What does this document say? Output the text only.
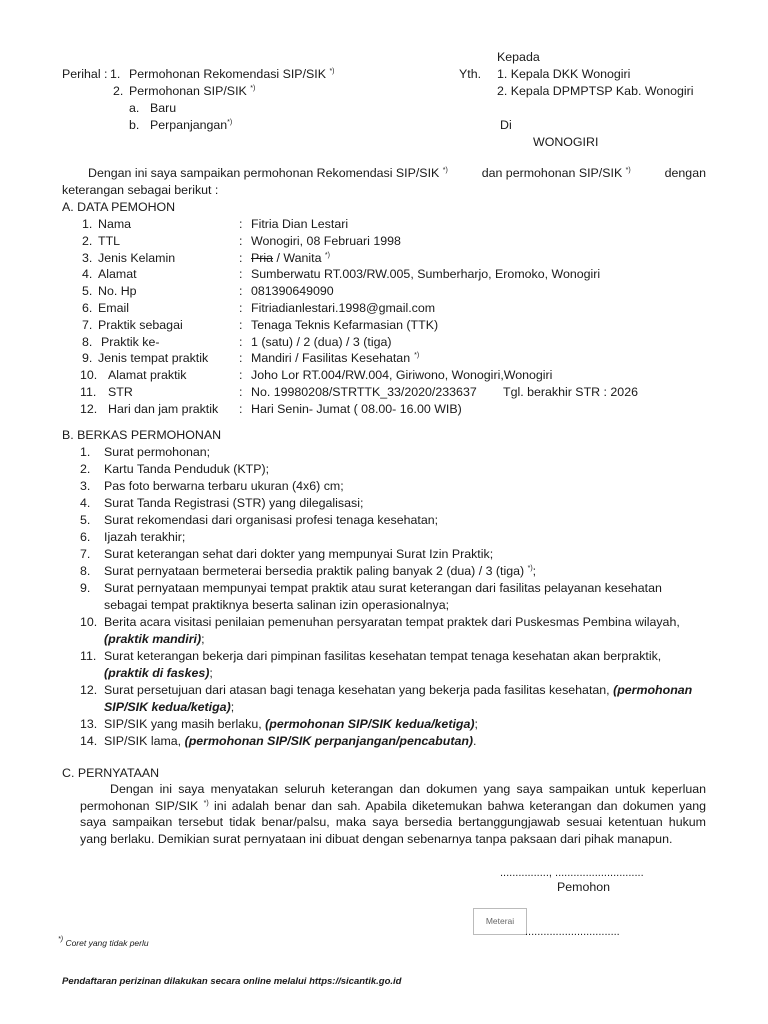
Perihal : 1. Permohonan Rekomendasi SIP/SIK *)
2. Permohonan SIP/SIK *)
a. Baru
b. Perpanjangan*)
Kepada
Yth. 1. Kepala DKK Wonogiri
2. Kepala DPMPTSP Kab. Wonogiri
Di
WONOGIRI
Dengan ini saya sampaikan permohonan Rekomendasi SIP/SIK *)	dan permohonan SIP/SIK *)	dengan
keterangan sebagai berikut :
A. DATA PEMOHON
1. Nama	: Fitria Dian Lestari
2. TTL	: Wonogiri, 08 Februari 1998
3. Jenis Kelamin	: Pria / Wanita *)
4. Alamat	: Sumberwatu RT.003/RW.005, Sumberharjo, Eromoko, Wonogiri
5. No. Hp	: 081390649090
6. Email	: Fitriadianlestari.1998@gmail.com
7. Praktik sebagai	: Tenaga Teknis Kefarmasian (TTK)
8. Praktik ke-	: 1 (satu) / 2 (dua) / 3 (tiga)
9. Jenis tempat praktik : Mandiri / Fasilitas Kesehatan *)
10. Alamat praktik	: Joho Lor RT.004/RW.004, Giriwono, Wonogiri,Wonogiri
11. STR	: No. 19980208/STRTTK_33/2020/233637 Tgl. berakhir STR : 2026
12. Hari dan jam praktik : Hari Senin- Jumat ( 08.00- 16.00 WIB)
B. BERKAS PERMOHONAN
1.	Surat permohonan;
2.	Kartu Tanda Penduduk (KTP);
3.	Pas foto berwarna terbaru ukuran (4x6) cm;
4.	Surat Tanda Registrasi (STR) yang dilegalisasi;
5.	Surat rekomendasi dari organisasi profesi tenaga kesehatan;
6.	Ijazah terakhir;
7.	Surat keterangan sehat dari dokter yang mempunyai Surat Izin Praktik;
8.	Surat pernyataan bermeterai bersedia praktik paling banyak 2 (dua) / 3 (tiga) *);
9.	Surat pernyataan mempunyai tempat praktik atau surat keterangan dari fasilitas pelayanan kesehatan sebagai tempat praktiknya beserta salinan izin operasionalnya;
10. Berita acara visitasi penilaian pemenuhan persyaratan tempat praktek dari Puskesmas Pembina wilayah, (praktik mandiri);
11. Surat keterangan bekerja dari pimpinan fasilitas kesehatan tempat tenaga kesehatan akan berpraktik, (praktik di faskes);
12. Surat persetujuan dari atasan bagi tenaga kesehatan yang bekerja pada fasilitas kesehatan, (permohonan SIP/SIK kedua/ketiga);
13. SIP/SIK yang masih berlaku, (permohonan SIP/SIK kedua/ketiga);
14. SIP/SIK lama, (permohonan SIP/SIK perpanjangan/pencabutan).
C. PERNYATAAN
Dengan ini saya menyatakan seluruh keterangan dan dokumen yang saya sampaikan untuk keperluan permohonan SIP/SIK *) ini adalah benar dan sah. Apabila diketemukan bahwa keterangan dan dokumen yang saya sampaikan tersebut tidak benar/palsu, maka saya bersedia bertanggungjawab sesuai ketentuan hukum yang berlaku. Demikian surat pernyataan ini dibuat dengan sebenarnya tanpa paksaan dari pihak manapun.
................, .............................
Pemohon
Meterai
...............................
*) Coret yang tidak perlu
Pendaftaran perizinan dilakukan secara online melalui https://sicantik.go.id
